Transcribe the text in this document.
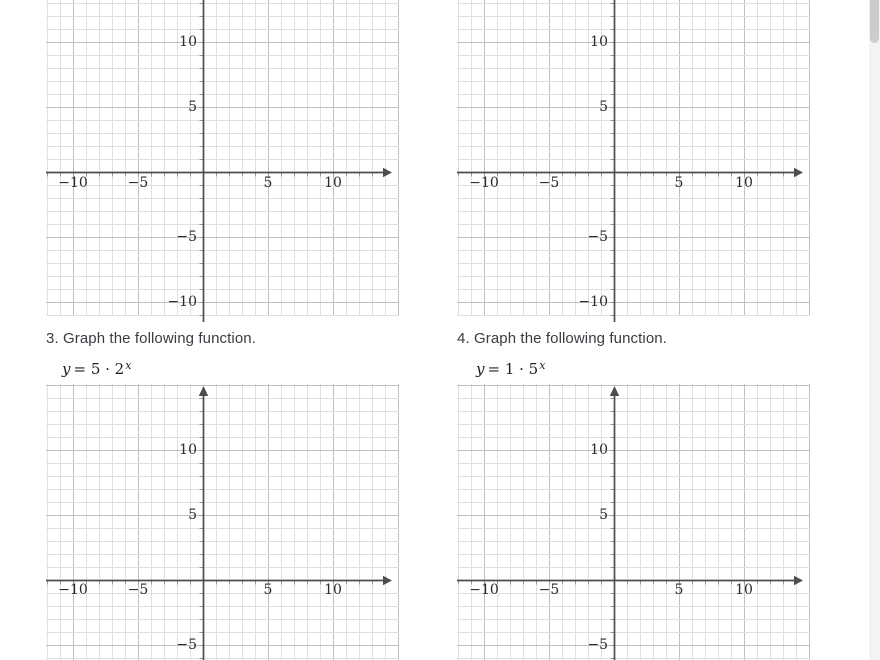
−10	−5	5	10
10
5
−5
−10
−10	−5	5	10
10
5
−5
−10
3. Graph the following function.
$y = 5 \cdot 2^x$
4. Graph the following function.
$y = 1 \cdot 5^x$
−10	−5	5	10
10
5
−5
−10	−5	5	10
10
5
−5
